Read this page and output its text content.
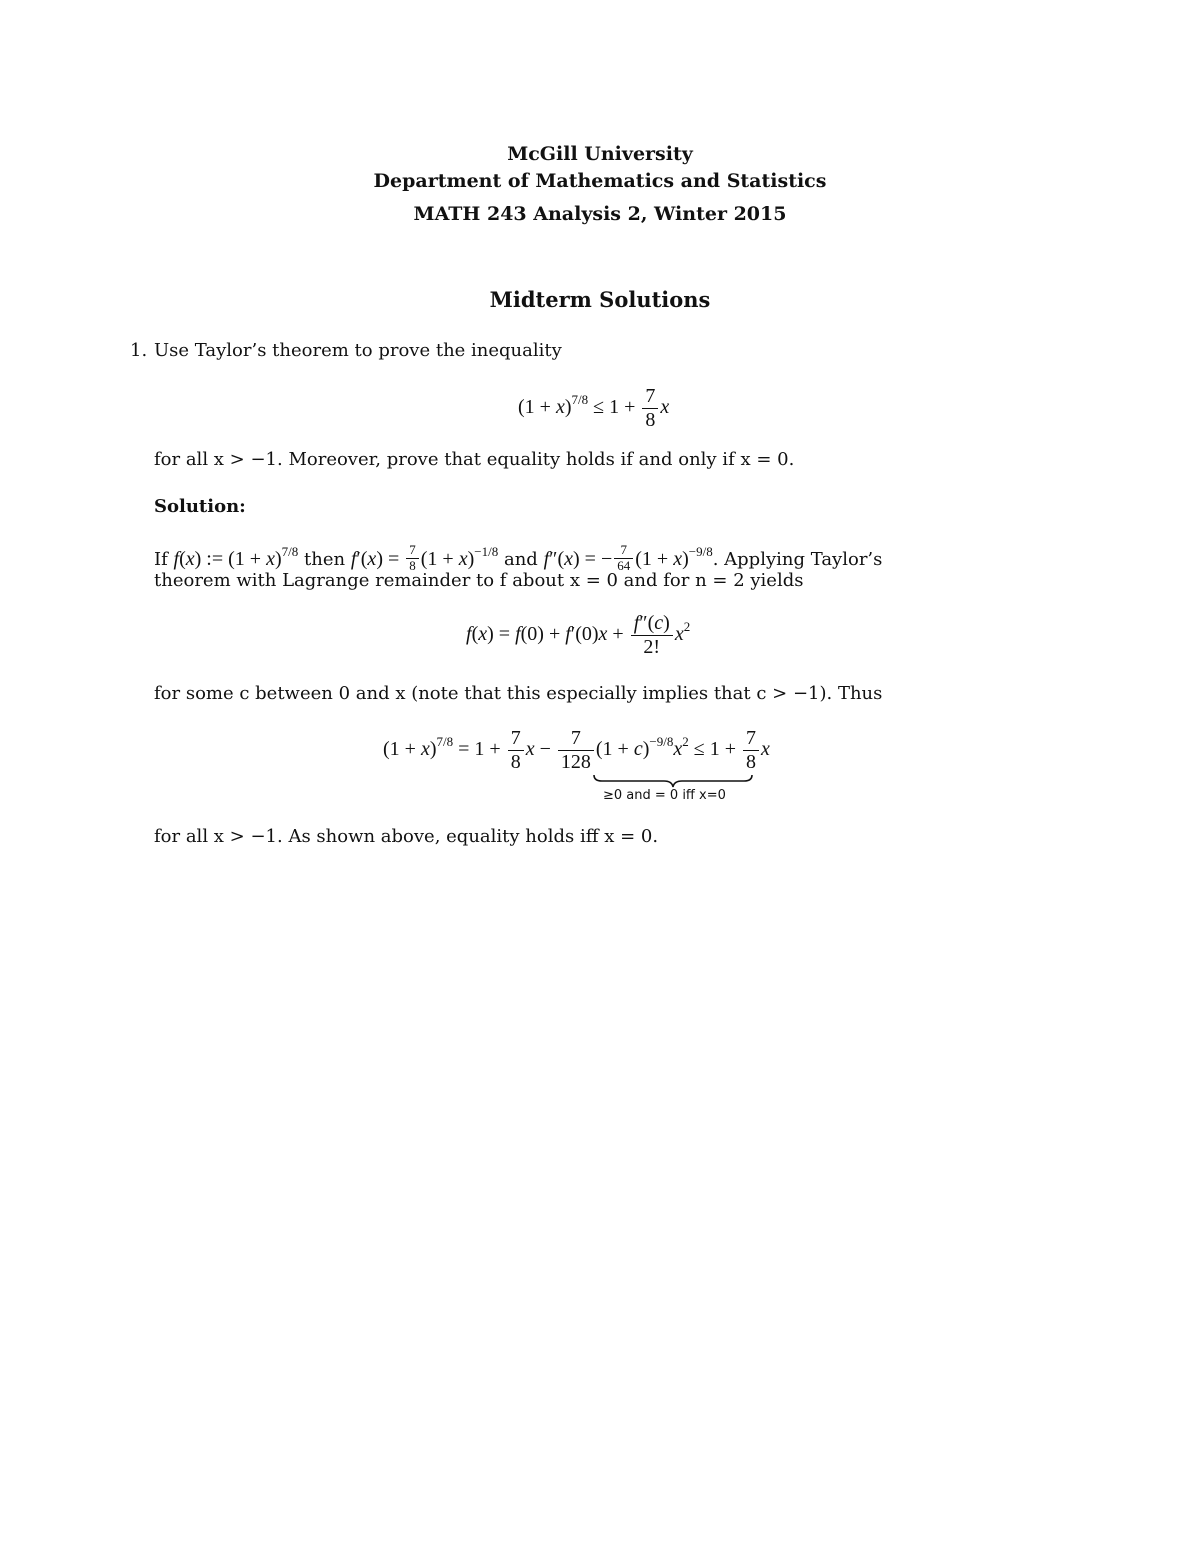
McGill University
Department of Mathematics and Statistics
MATH 243 Analysis 2, Winter 2015
Midterm Solutions
1. Use Taylor’s theorem to prove the inequality
$(1 + x)^{7/8} \le 1 + \frac{7}{8}$ x
for all x > −1. Moreover, prove that equality holds if and only if x = 0.
Solution:
If f(x) := $(1 + x)^{7/8}$ then $f'(x) = \frac{7}{8} (1 + x)^{-1/8}$ and f″(x) = − $\frac{7}{64} (1 + x)^{-9/8}$. Applying Taylor’s
theorem with Lagrange remainder to f about x = 0 and for n = 2 yields
$f(x) = f(0) + f'(0)x + \frac{f''(c)}{2!} x^2$
for some c between 0 and x (note that this especially implies that c > −1). Thus
$(1 + x)^{7/8} = 1 + \frac{7}{8}$ $x - \frac{7}{128} (1 + c)^{-9/8}x^2 \le 1 + \frac{7}{8}$ x
≥0 and = 0 iff x=0
for all x > −1. As shown above, equality holds iff x = 0.
